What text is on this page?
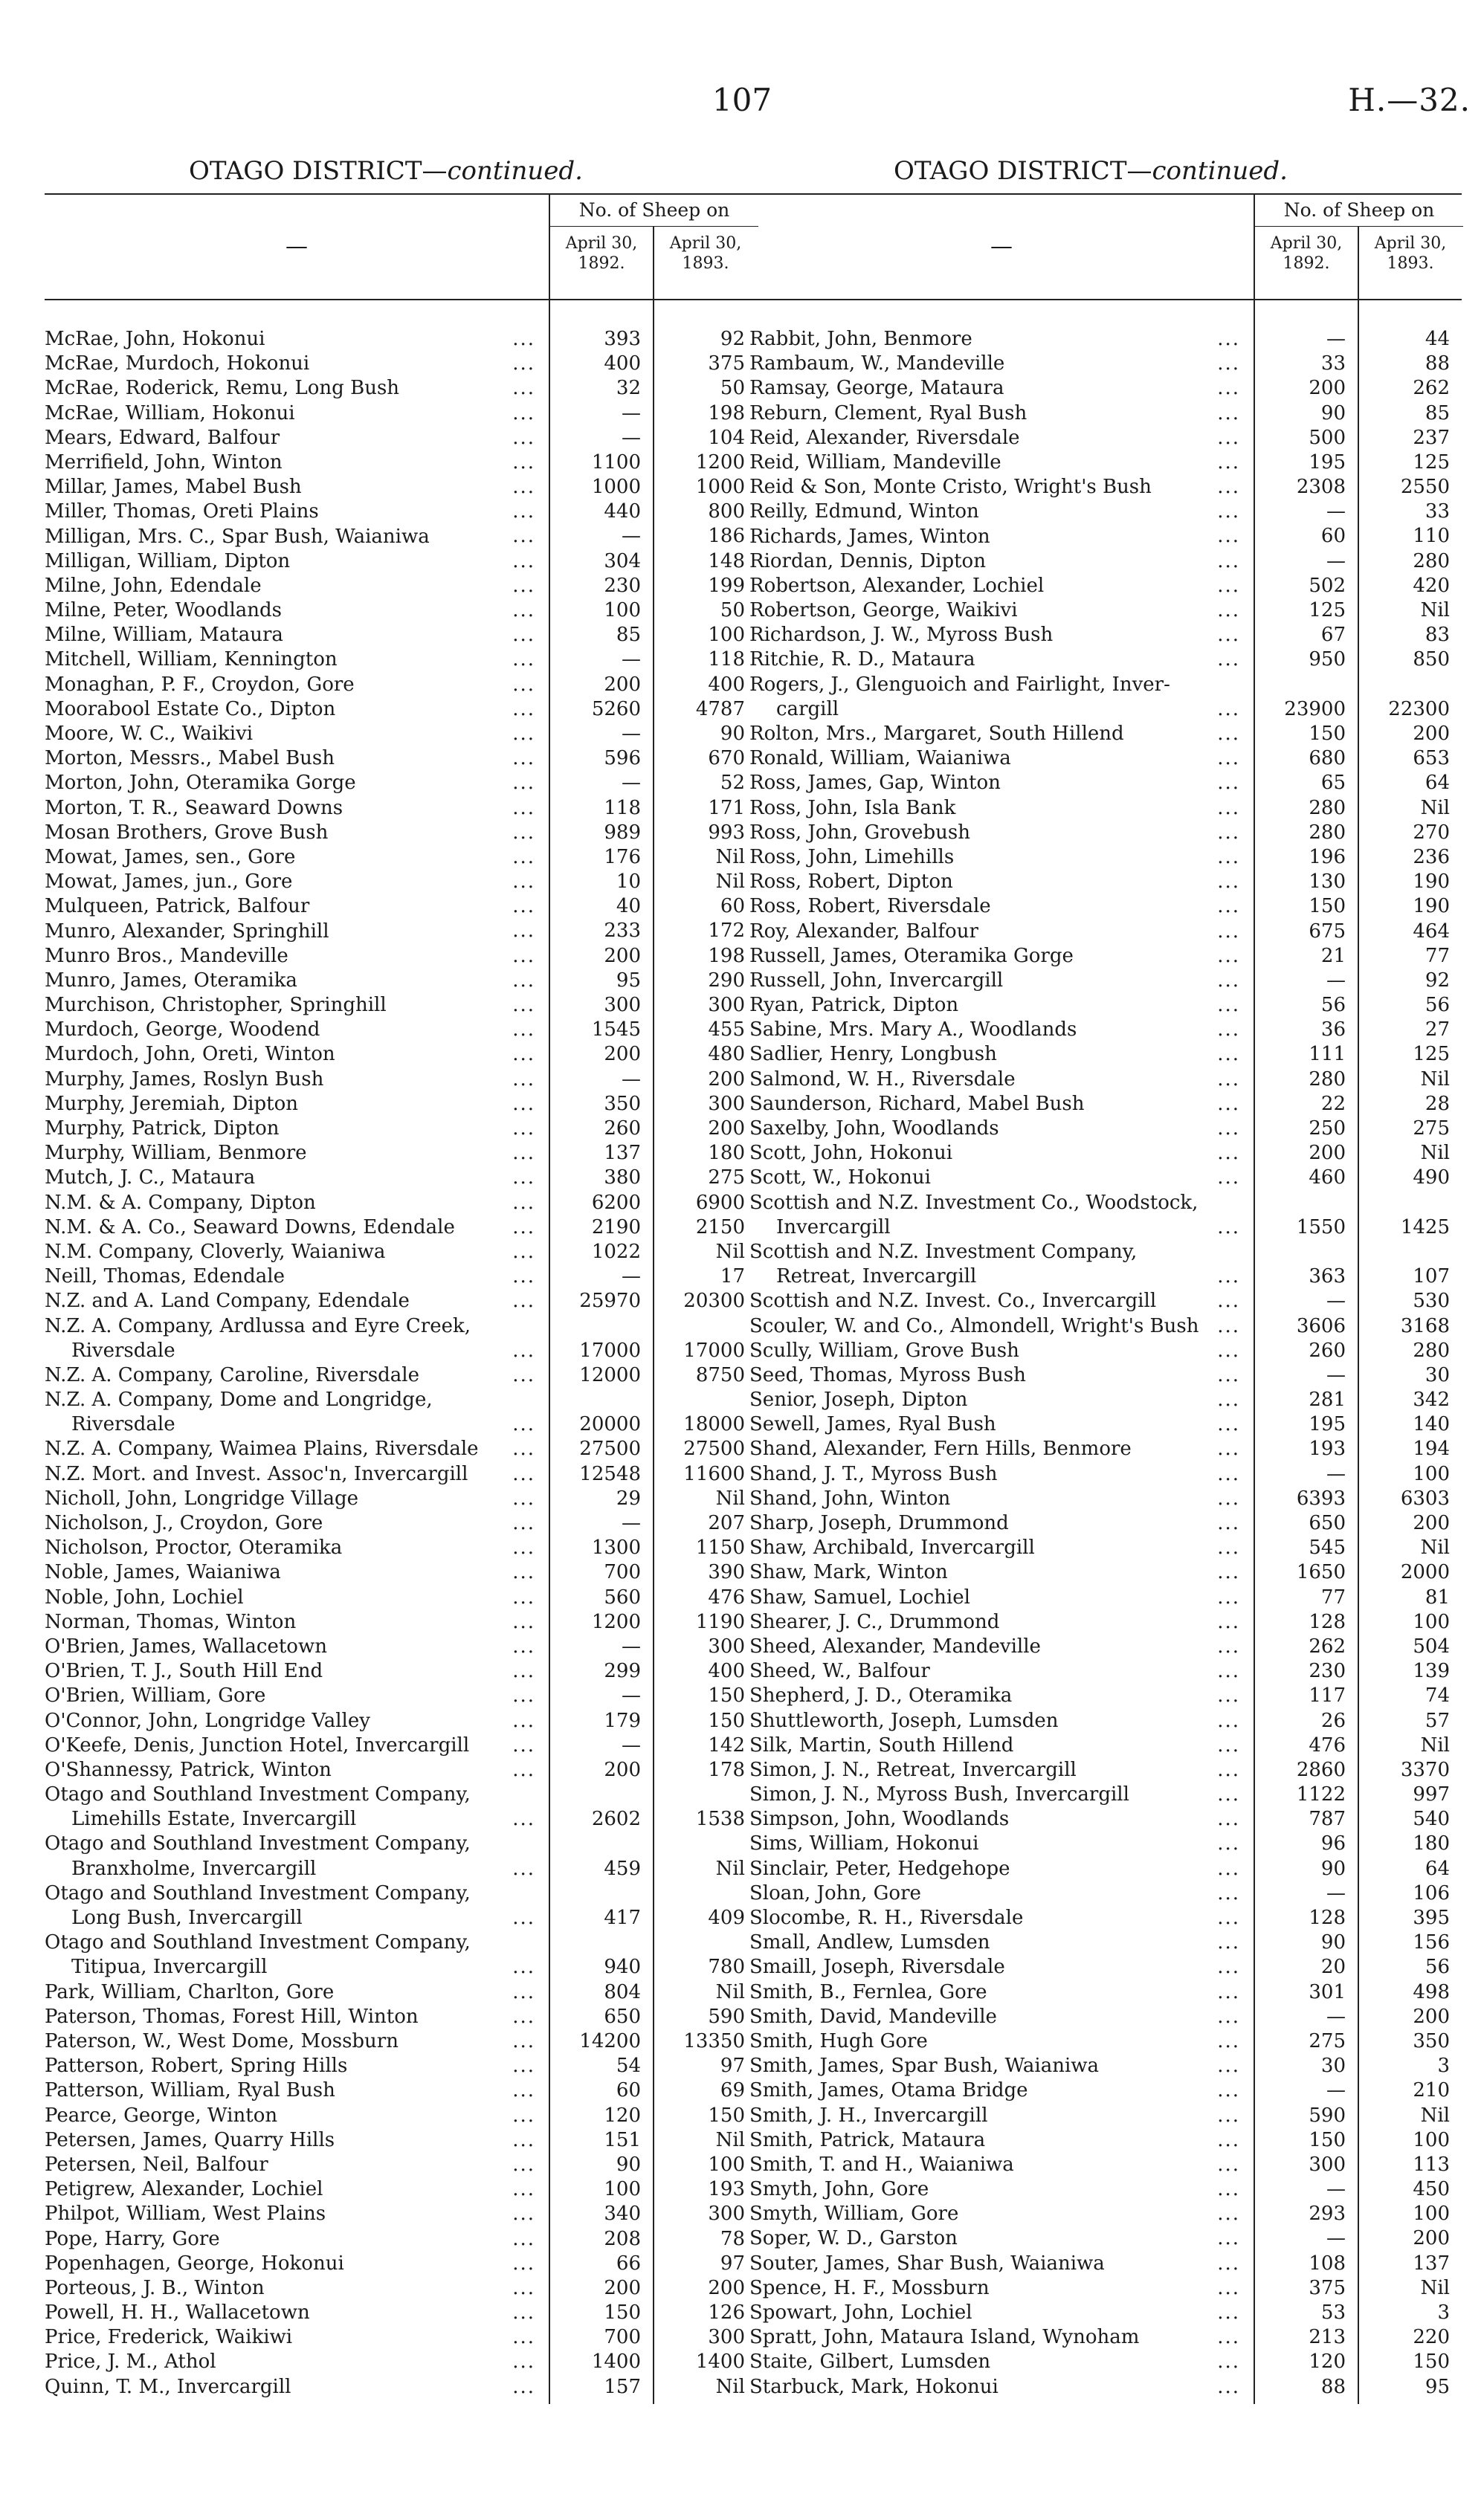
107	H.—32.
OTAGO DISTRICT—continued.
—
No. of Sheep on
April 30, 1892.
April 30, 1893.
McRae, John, Hokonui	...	393	92
McRae, Murdoch, Hokonui	...	400	375
McRae, Roderick, Remu, Long Bush	...	32	50
McRae, William, Hokonui	...	—	198
Mears, Edward, Balfour	...	—	104
Merrifield, John, Winton	...	1100	1200
Millar, James, Mabel Bush	...	1000	1000
Miller, Thomas, Oreti Plains	...	440	800
Milligan, Mrs. C., Spar Bush, Waianiwa	...	—	186
Milligan, William, Dipton	...	304	148
Milne, John, Edendale	...	230	199
Milne, Peter, Woodlands	...	100	50
Milne, William, Mataura	...	85	100
Mitchell, William, Kennington	...	—	118
Monaghan, P. F., Croydon, Gore	...	200	400
Moorabool Estate Co., Dipton	...	5260	4787
Moore, W. C., Waikivi	...	—	90
Morton, Messrs., Mabel Bush	...	596	670
Morton, John, Oteramika Gorge	...	—	52
Morton, T. R., Seaward Downs	...	118	171
Mosan Brothers, Grove Bush	...	989	993
Mowat, James, sen., Gore	...	176	Nil
Mowat, James, jun., Gore	...	10	Nil
Mulqueen, Patrick, Balfour	...	40	60
Munro, Alexander, Springhill	...	233	172
Munro Bros., Mandeville	...	200	198
Munro, James, Oteramika	...	95	290
Murchison, Christopher, Springhill	...	300	300
Murdoch, George, Woodend	...	1545	455
Murdoch, John, Oreti, Winton	...	200	480
Murphy, James, Roslyn Bush	...	—	200
Murphy, Jeremiah, Dipton	...	350	300
Murphy, Patrick, Dipton	...	260	200
Murphy, William, Benmore	...	137	180
Mutch, J. C., Mataura	...	380	275
N.M. & A. Company, Dipton	...	6200	6900
N.M. & A. Co., Seaward Downs, Edendale	...	2190	2150
N.M. Company, Cloverly, Waianiwa	...	1022	Nil
Neill, Thomas, Edendale	...	—	17
N.Z. and A. Land Company, Edendale	...	25970	20300
N.Z. A. Company, Ardlussa and Eyre Creek,
Riversdale	...	17000	17000
N.Z. A. Company, Caroline, Riversdale	...	12000	8750
N.Z. A. Company, Dome and Longridge,
Riversdale	...	20000	18000
N.Z. A. Company, Waimea Plains, Riversdale ...	27500	27500
N.Z. Mort. and Invest. Assoc'n, Invercargill ...	12548	11600
Nicholl, John, Longridge Village	...	29	Nil
Nicholson, J., Croydon, Gore	...	—	207
Nicholson, Proctor, Oteramika	...	1300	1150
Noble, James, Waianiwa	...	700	390
Noble, John, Lochiel	...	560	476
Norman, Thomas, Winton	...	1200	1190
O'Brien, James, Wallacetown	...	—	300
O'Brien, T. J., South Hill End	...	299	400
O'Brien, William, Gore	...	—	150
O'Connor, John, Longridge Valley	...	179	150
O'Keefe, Denis, Junction Hotel, Invercargill ...	—	142
O'Shannessy, Patrick, Winton	...	200	178
Otago and Southland Investment Company,
Limehills Estate, Invercargill	...	2602	1538
Otago and Southland Investment Company,
Branxholme, Invercargill	...	459	Nil
Otago and Southland Investment Company,
Long Bush, Invercargill	...	417	409
Otago and Southland Investment Company,
Titipua, Invercargill	...	940	780
Park, William, Charlton, Gore	...	804	Nil
Paterson, Thomas, Forest Hill, Winton	...	650	590
Paterson, W., West Dome, Mossburn	...	14200	13350
Patterson, Robert, Spring Hills	...	54	97
Patterson, William, Ryal Bush	...	60	69
Pearce, George, Winton	...	120	150
Petersen, James, Quarry Hills	...	151	Nil
Petersen, Neil, Balfour	...	90	100
Petigrew, Alexander, Lochiel	...	100	193
Philpot, William, West Plains	...	340	300
Pope, Harry, Gore	...	208	78
Popenhagen, George, Hokonui	...	66	97
Porteous, J. B., Winton	...	200	200
Powell, H. H., Wallacetown	...	150	126
Price, Frederick, Waikiwi	...	700	300
Price, J. M., Athol	...	1400	1400
Quinn, T. M., Invercargill	...	157	Nil
OTAGO DISTRICT—continued.
—
No. of Sheep on
April 30, 1892.
April 30, 1893.
Rabbit, John, Benmore	...	—	44
Rambaum, W., Mandeville	...	33	88
Ramsay, George, Mataura	...	200	262
Reburn, Clement, Ryal Bush	...	90	85
Reid, Alexander, Riversdale	...	500	237
Reid, William, Mandeville	...	195	125
Reid & Son, Monte Cristo, Wright's Bush	...	2308	2550
Reilly, Edmund, Winton	...	—	33
Richards, James, Winton	...	60	110
Riordan, Dennis, Dipton	...	—	280
Robertson, Alexander, Lochiel	...	502	420
Robertson, George, Waikivi	...	125	Nil
Richardson, J. W., Myross Bush	...	67	83
Ritchie, R. D., Mataura	...	950	850
Rogers, J., Glenguoich and Fairlight, Inver-
cargill	...	23900	22300
Rolton, Mrs., Margaret, South Hillend	...	150	200
Ronald, William, Waianiwa	...	680	653
Ross, James, Gap, Winton	...	65	64
Ross, John, Isla Bank	...	280	Nil
Ross, John, Grovebush	...	280	270
Ross, John, Limehills	...	196	236
Ross, Robert, Dipton	...	130	190
Ross, Robert, Riversdale	...	150	190
Roy, Alexander, Balfour	...	675	464
Russell, James, Oteramika Gorge	...	21	77
Russell, John, Invercargill	...	—	92
Ryan, Patrick, Dipton	...	56	56
Sabine, Mrs. Mary A., Woodlands	...	36	27
Sadlier, Henry, Longbush	...	111	125
Salmond, W. H., Riversdale	...	280	Nil
Saunderson, Richard, Mabel Bush	...	22	28
Saxelby, John, Woodlands	...	250	275
Scott, John, Hokonui	...	200	Nil
Scott, W., Hokonui	...	460	490
Scottish and N.Z. Investment Co., Woodstock,
Invercargill	...	1550	1425
Scottish and N.Z. Investment Company,
Retreat, Invercargill	...	363	107
Scottish and N.Z. Invest. Co., Invercargill	...	—	530
Scouler, W. and Co., Almondell, Wright's Bush ...	3606	3168
Scully, William, Grove Bush	...	260	280
Seed, Thomas, Myross Bush	...	—	30
Senior, Joseph, Dipton	...	281	342
Sewell, James, Ryal Bush	...	195	140
Shand, Alexander, Fern Hills, Benmore	...	193	194
Shand, J. T., Myross Bush	...	—	100
Shand, John, Winton	...	6393	6303
Sharp, Joseph, Drummond	...	650	200
Shaw, Archibald, Invercargill	...	545	Nil
Shaw, Mark, Winton	...	1650	2000
Shaw, Samuel, Lochiel	...	77	81
Shearer, J. C., Drummond	...	128	100
Sheed, Alexander, Mandeville	...	262	504
Sheed, W., Balfour	...	230	139
Shepherd, J. D., Oteramika	...	117	74
Shuttleworth, Joseph, Lumsden	...	26	57
Silk, Martin, South Hillend	...	476	Nil
Simon, J. N., Retreat, Invercargill	...	2860	3370
Simon, J. N., Myross Bush, Invercargill	...	1122	997
Simpson, John, Woodlands	...	787	540
Sims, William, Hokonui	...	96	180
Sinclair, Peter, Hedgehope	...	90	64
Sloan, John, Gore	...	—	106
Slocombe, R. H., Riversdale	...	128	395
Small, Andlew, Lumsden	...	90	156
Smaill, Joseph, Riversdale	...	20	56
Smith, B., Fernlea, Gore	...	301	498
Smith, David, Mandeville	...	—	200
Smith, Hugh Gore	...	275	350
Smith, James, Spar Bush, Waianiwa	...	30	3
Smith, James, Otama Bridge	...	—	210
Smith, J. H., Invercargill	...	590	Nil
Smith, Patrick, Mataura	...	150	100
Smith, T. and H., Waianiwa	...	300	113
Smyth, John, Gore	...	—	450
Smyth, William, Gore	...	293	100
Soper, W. D., Garston	...	—	200
Souter, James, Shar Bush, Waianiwa	...	108	137
Spence, H. F., Mossburn	...	375	Nil
Spowart, John, Lochiel	...	53	3
Spratt, John, Mataura Island, Wynoham	...	213	220
Staite, Gilbert, Lumsden	...	120	150
Starbuck, Mark, Hokonui	...	88	95
